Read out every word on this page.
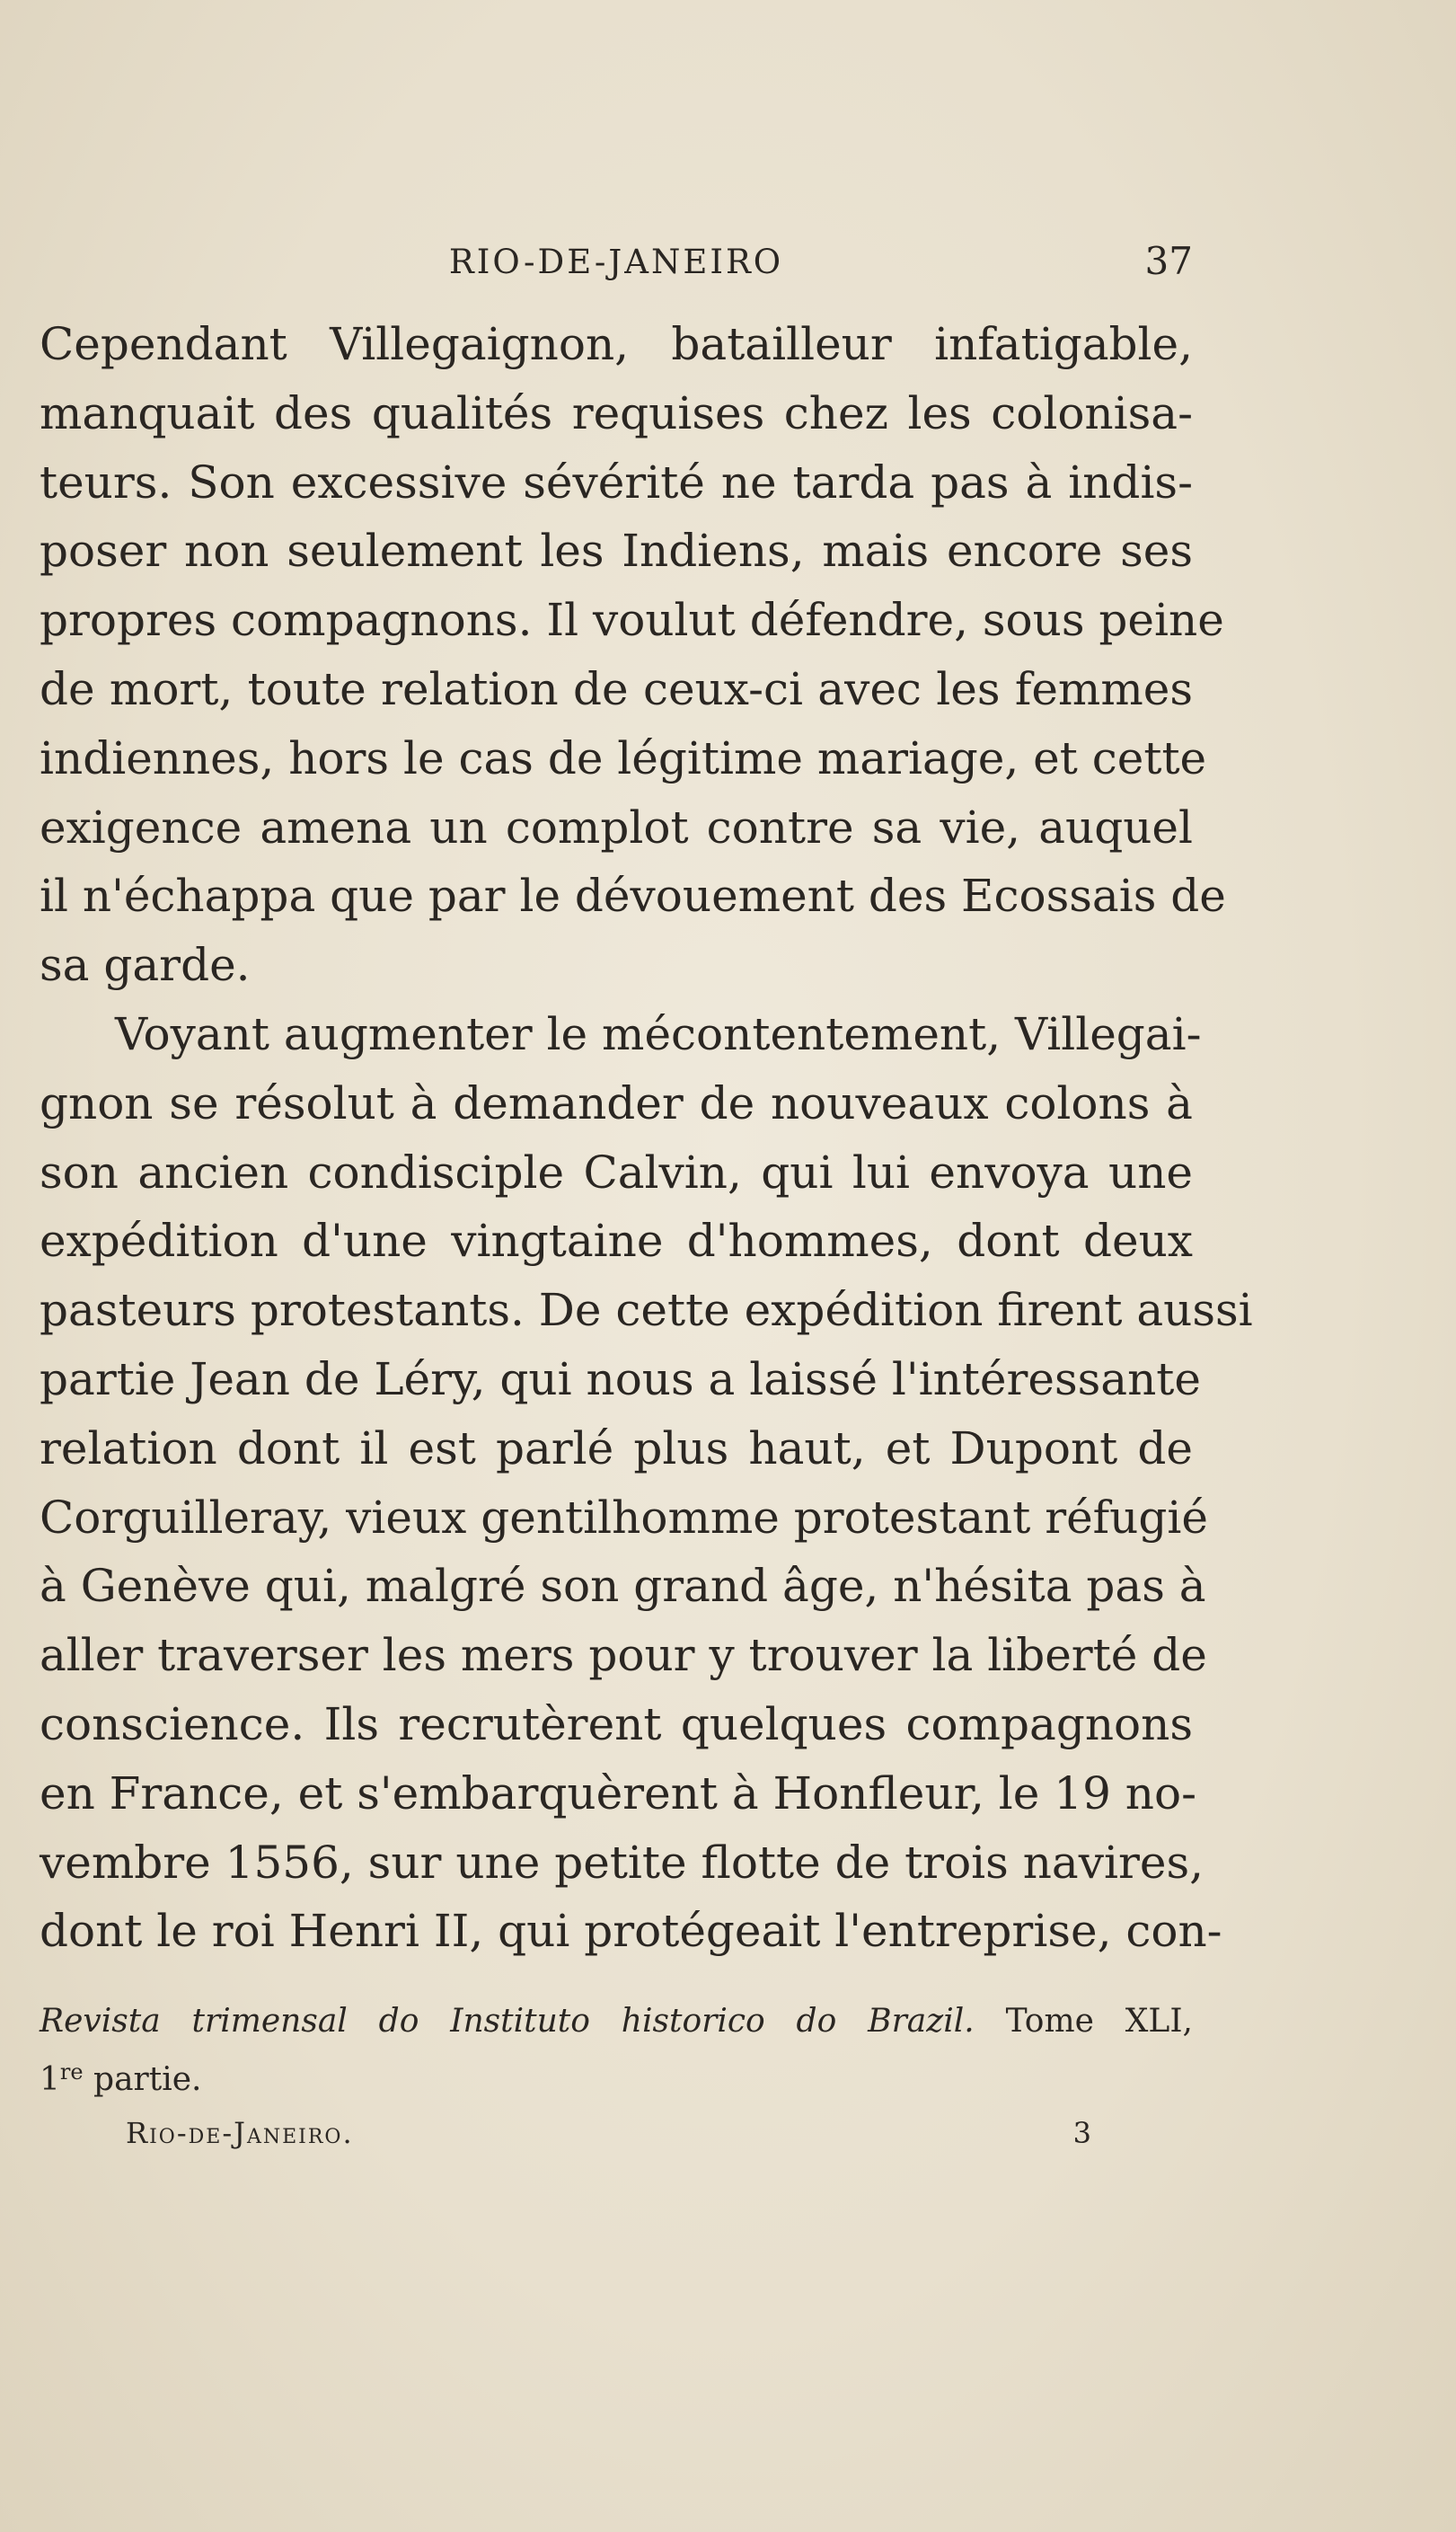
RIO-DE-JANEIRO	37
Cependant Villegaignon, batailleur infatigable,
manquait des qualités requises chez les colonisa-
teurs. Son excessive sévérité ne tarda pas à indis-
poser non seulement les Indiens, mais encore ses
propres compagnons. Il voulut défendre, sous peine
de mort, toute relation de ceux-ci avec les femmes
indiennes, hors le cas de légitime mariage, et cette
exigence amena un complot contre sa vie, auquel
il n'échappa que par le dévouement des Ecossais de
sa garde.
Voyant augmenter le mécontentement, Villegai-
gnon se résolut à demander de nouveaux colons à
son ancien condisciple Calvin, qui lui envoya une
expédition d'une vingtaine d'hommes, dont deux
pasteurs protestants. De cette expédition firent aussi
partie Jean de Léry, qui nous a laissé l'intéressante
relation dont il est parlé plus haut, et Dupont de
Corguilleray, vieux gentilhomme protestant réfugié
à Genève qui, malgré son grand âge, n'hésita pas à
aller traverser les mers pour y trouver la liberté de
conscience. Ils recrutèrent quelques compagnons
en France, et s'embarquèrent à Honfleur, le 19 no-
vembre 1556, sur une petite flotte de trois navires,
dont le roi Henri II, qui protégeait l'entreprise, con-
Revista trimensal do Instituto historico do Brazil. Tome XLI,
1re partie.
Rio-de-Janeiro.	3
